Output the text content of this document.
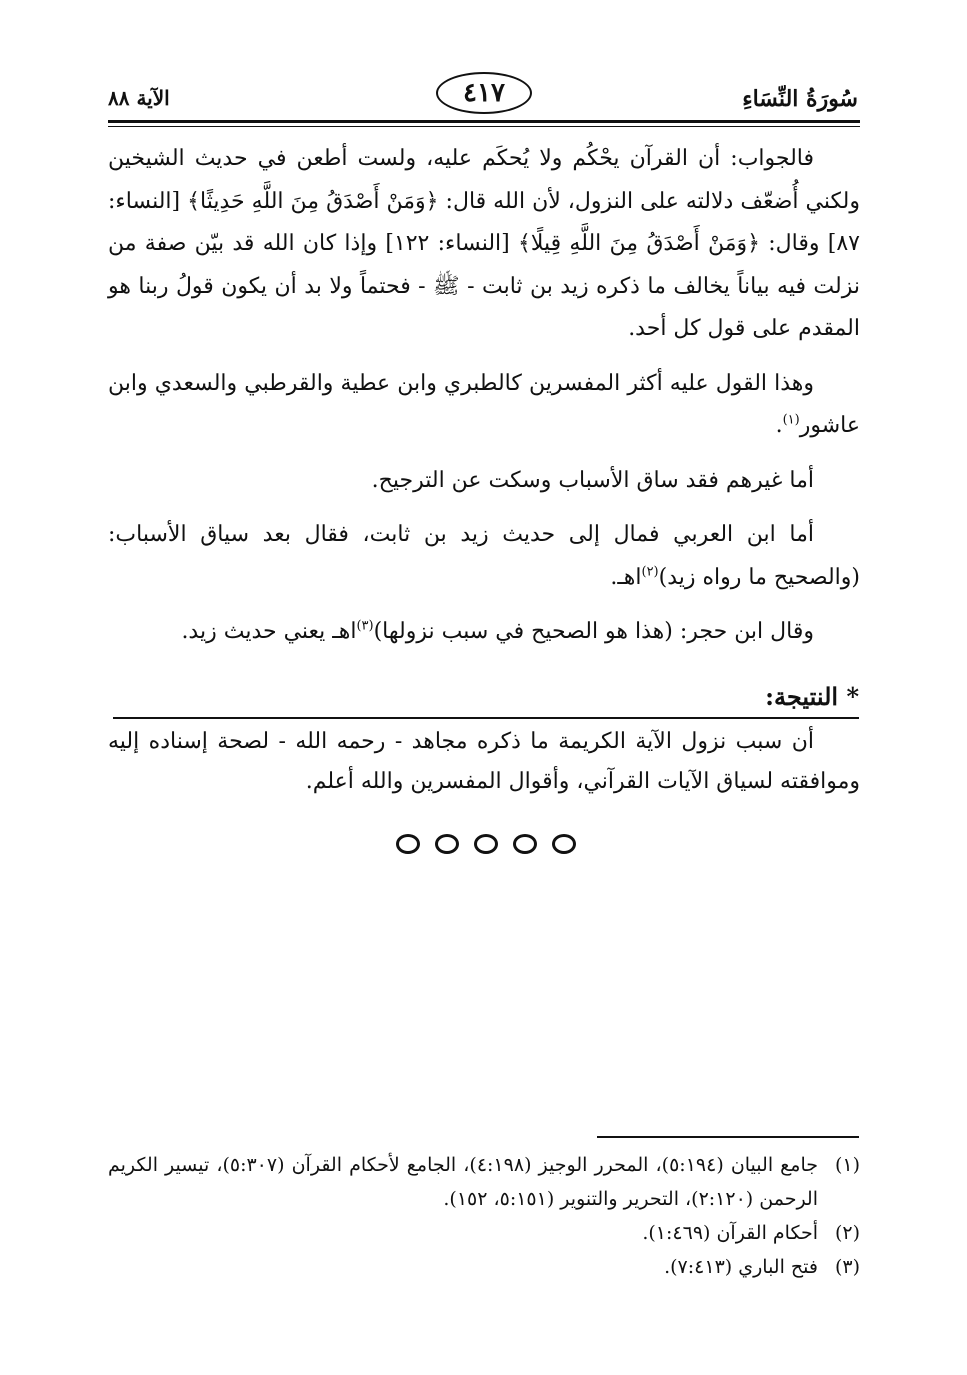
سُورَةُ النِّسَاءِ
٤١٧
الآية ٨٨

فالجواب: أن القرآن يحْكُم ولا يُحكَم عليه، ولست أطعن في حديث الشيخين ولكني أُضعّف دلالته على النزول، لأن الله قال: ﴿وَمَنْ أَصْدَقُ مِنَ اللَّهِ حَدِيثًا﴾ [النساء: ٨٧] وقال: ﴿وَمَنْ أَصْدَقُ مِنَ اللَّهِ قِيلًا﴾ [النساء: ١٢٢] وإذا كان الله قد بيّن صفة من نزلت فيه بياناً يخالف ما ذكره زيد بن ثابت - ﷺ - فحتماً ولا بد أن يكون قولُ ربنا هو المقدم على قول كل أحد.

وهذا القول عليه أكثر المفسرين كالطبري وابن عطية والقرطبي والسعدي وابن عاشور$^{(١)}$.

أما غيرهم فقد ساق الأسباب وسكت عن الترجيح.

أما ابن العربي فمال إلى حديث زيد بن ثابت، فقال بعد سياق الأسباب: (والصحيح ما رواه زيد)$^{(٢)}$اهـ.

وقال ابن حجر: (هذا هو الصحيح في سبب نزولها)$^{(٣)}$اهـ يعني حديث زيد.

* النتيجة:

أن سبب نزول الآية الكريمة ما ذكره مجاهد - رحمه الله - لصحة إسناده إليه وموافقته لسياق الآيات القرآني، وأقوال المفسرين والله أعلم.

(١)
جامع البيان (٥:١٩٤)، المحرر الوجيز (٤:١٩٨)، الجامع لأحكام القرآن (٥:٣٠٧)، تيسير الكريم الرحمن (٢:١٢٠)، التحرير والتنوير (٥:١٥١، ١٥٢).
(٢)
أحكام القرآن (١:٤٦٩).
(٣)
فتح الباري (٧:٤١٣).
